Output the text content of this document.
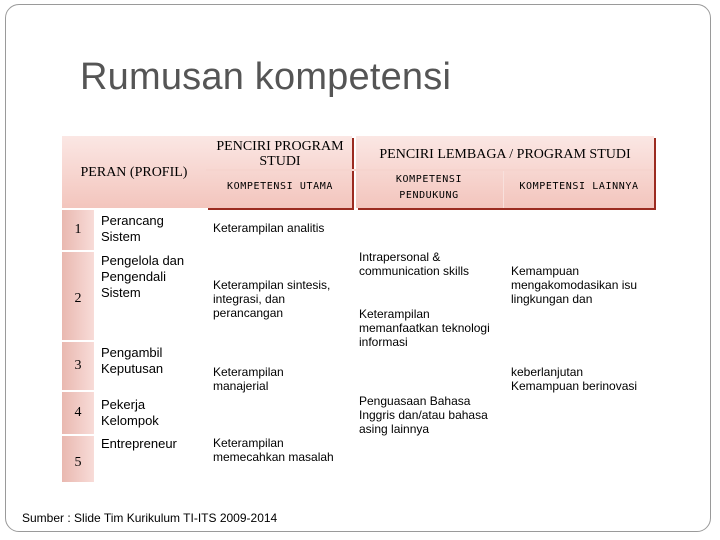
Rumusan kompetensi
PERAN (PROFIL)
PENCIRI PROGRAM STUDI	PENCIRI LEMBAGA / PROGRAM STUDI
KOMPETENSI UTAMA
KOMPETENSI PENDUKUNG
KOMPETENSI LAINNYA
1
2
3
4
5
Perancang Sistem
Pengelola dan Pengendali Sistem
Pengambil Keputusan
Pekerja Kelompok
Entrepreneur
Keterampilan analitis
Keterampilan sintesis, integrasi, dan perancangan
Keterampilan manajerial
Keterampilan memecahkan masalah
Intrapersonal & communication skills
Keterampilan memanfaatkan teknologi informasi
Penguasaan Bahasa Inggris dan/atau bahasa asing lainnya
Kemampuan mengakomodasikan isu lingkungan dan
keberlanjutan Kemampuan berinovasi
Sumber : Slide Tim Kurikulum TI-ITS 2009-2014
